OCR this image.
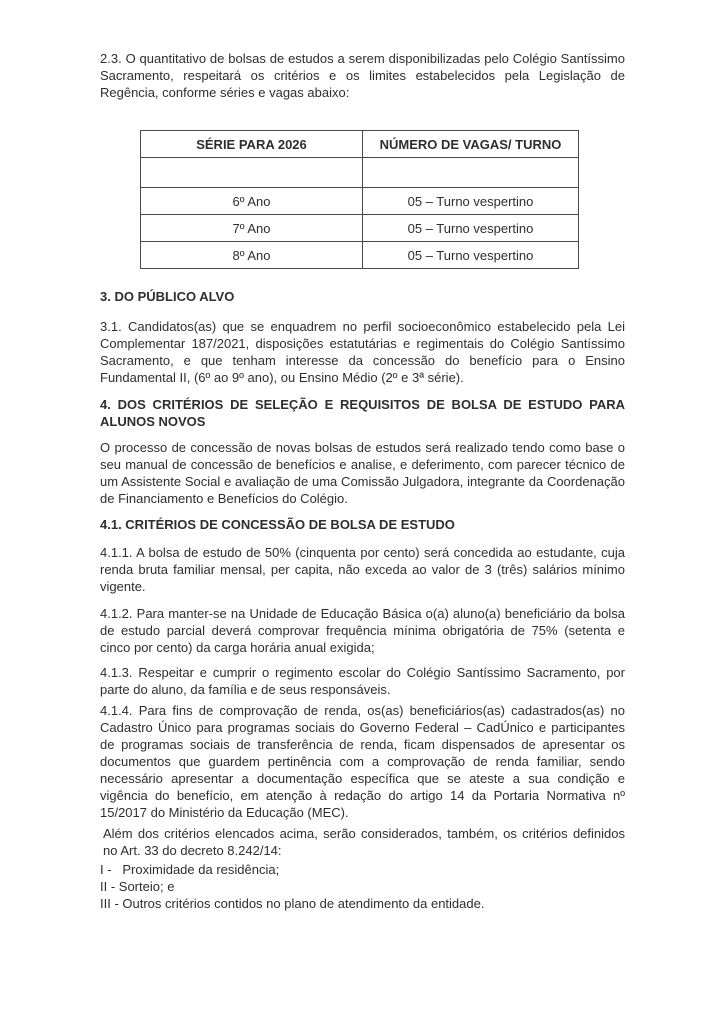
2.3. O quantitativo de bolsas de estudos a serem disponibilizadas pelo Colégio Santíssimo Sacramento, respeitará os critérios e os limites estabelecidos pela Legislação de Regência, conforme séries e vagas abaixo:

SÉRIE PARA 2026	NÚMERO DE VAGAS/ TURNO

6º Ano	05 – Turno vespertino
7º Ano	05 – Turno vespertino
8º Ano	05 – Turno vespertino

3. DO PÚBLICO ALVO

3.1. Candidatos(as) que se enquadrem no perfil socioeconômico estabelecido pela Lei Complementar 187/2021, disposições estatutárias e regimentais do Colégio Santíssimo Sacramento, e que tenham interesse da concessão do benefício para o Ensino Fundamental II, (6º ao 9º ano), ou Ensino Médio (2º e 3ª série).

4. DOS CRITÉRIOS DE SELEÇÃO E REQUISITOS DE BOLSA DE ESTUDO PARA ALUNOS NOVOS

O processo de concessão de novas bolsas de estudos será realizado tendo como base o seu manual de concessão de benefícios e analise, e deferimento, com parecer técnico de um Assistente Social e avaliação de uma Comissão Julgadora, integrante da Coordenação de Financiamento e Benefícios do Colégio.

4.1. CRITÉRIOS DE CONCESSÃO DE BOLSA DE ESTUDO

4.1.1. A bolsa de estudo de 50% (cinquenta por cento) será concedida ao estudante, cuja renda bruta familiar mensal, per capita, não exceda ao valor de 3 (três) salários mínimo vigente.

4.1.2. Para manter-se na Unidade de Educação Básica o(a) aluno(a) beneficiário da bolsa de estudo parcial deverá comprovar frequência mínima obrigatória de 75% (setenta e cinco por cento) da carga horária anual exigida;

4.1.3. Respeitar e cumprir o regimento escolar do Colégio Santíssimo Sacramento, por parte do aluno, da família e de seus responsáveis.

4.1.4. Para fins de comprovação de renda, os(as) beneficiários(as) cadastrados(as) no Cadastro Único para programas sociais do Governo Federal – CadÚnico e participantes de programas sociais de transferência de renda, ficam dispensados de apresentar os documentos que guardem pertinência com a comprovação de renda familiar, sendo necessário apresentar a documentação específica que se ateste a sua condição e vigência do benefício, em atenção à redação do artigo 14 da Portaria Normativa nº 15/2017 do Ministério da Educação (MEC).

Além dos critérios elencados acima, serão considerados, também, os critérios definidos no Art. 33 do decreto 8.242/14:

I -   Proximidade da residência;

II - Sorteio; e

III - Outros critérios contidos no plano de atendimento da entidade.
